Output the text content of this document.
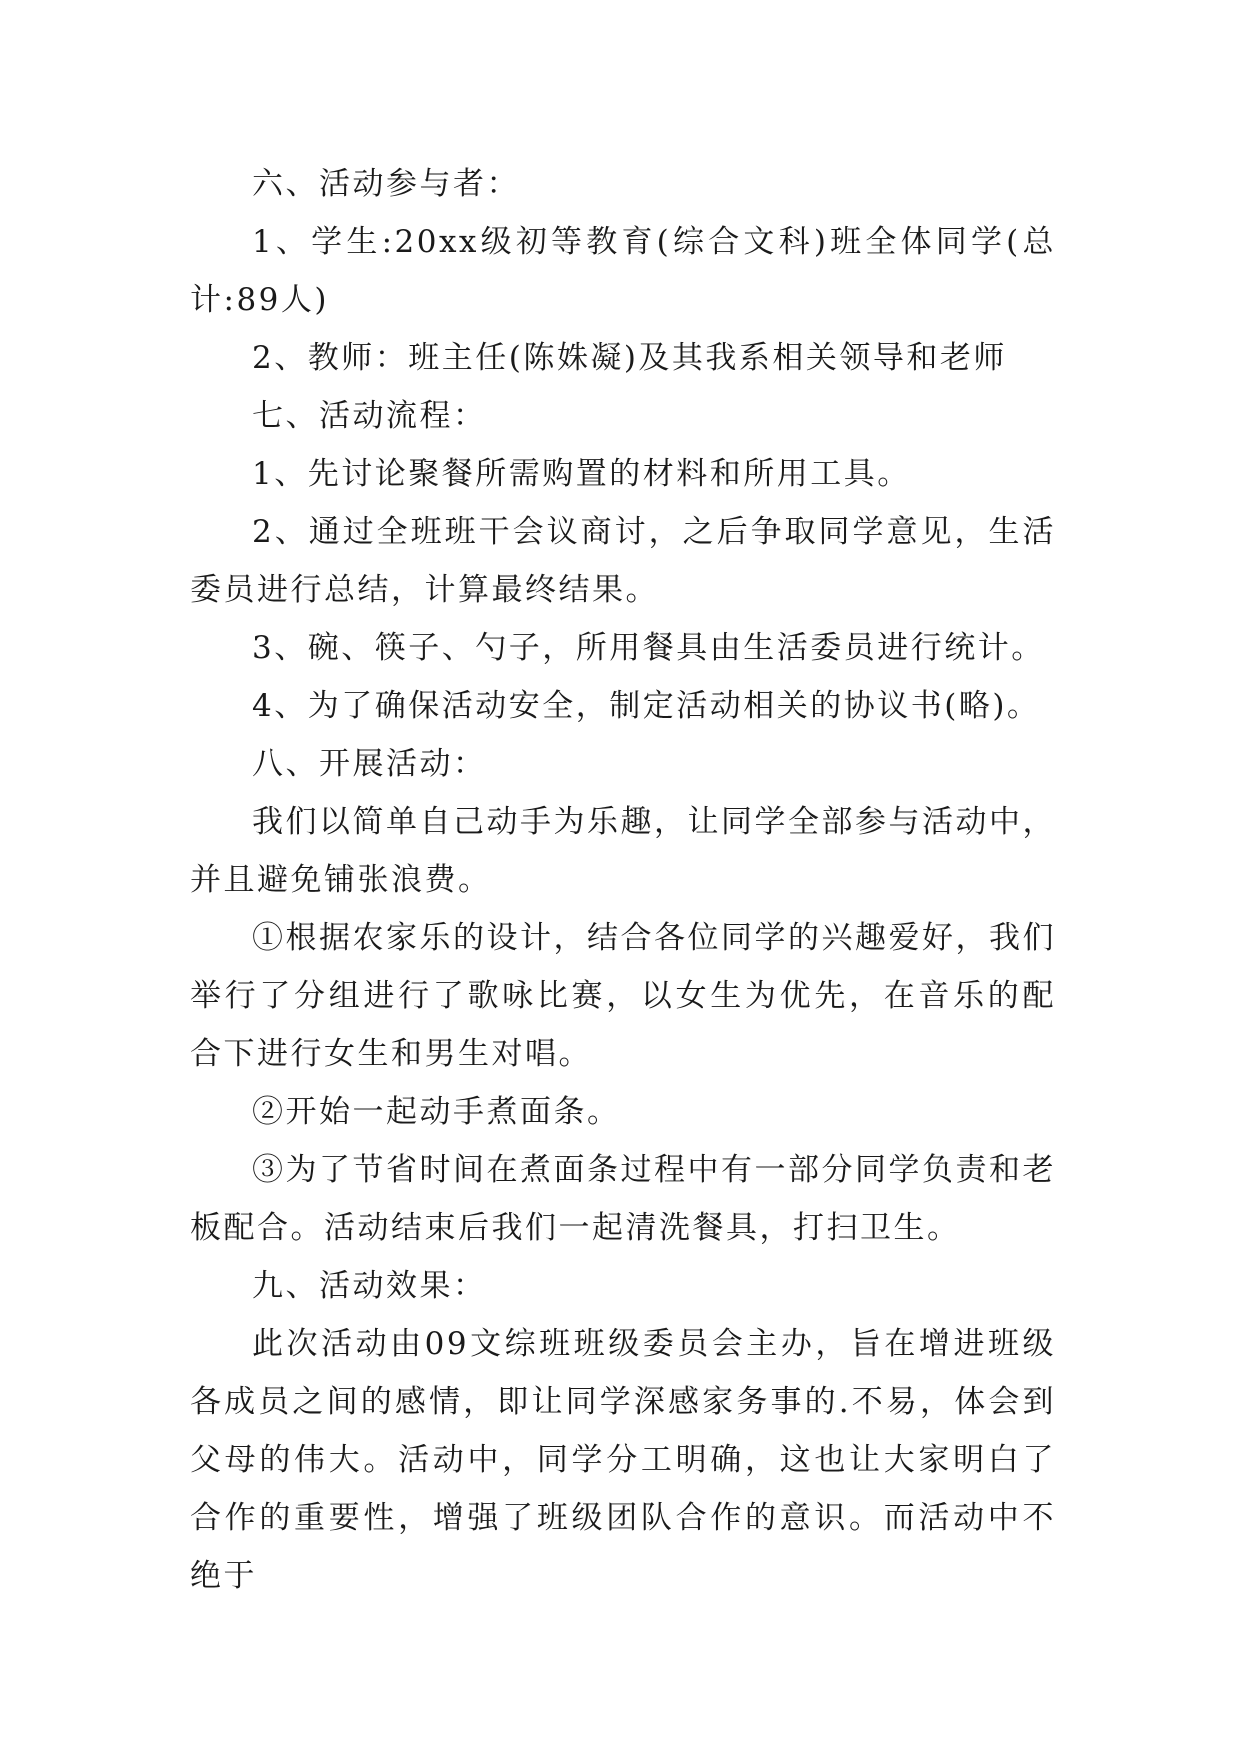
六、活动参与者：

1、学生:20xx级初等教育(综合文科)班全体同学(总计:89人)

2、教师：班主任(陈姝凝)及其我系相关领导和老师

七、活动流程：

1、先讨论聚餐所需购置的材料和所用工具。

2、通过全班班干会议商讨，之后争取同学意见，生活委员进行总结，计算最终结果。

3、碗、筷子、勺子，所用餐具由生活委员进行统计。

4、为了确保活动安全，制定活动相关的协议书(略)。

八、开展活动：

我们以简单自己动手为乐趣，让同学全部参与活动中，并且避免铺张浪费。

①根据农家乐的设计，结合各位同学的兴趣爱好，我们举行了分组进行了歌咏比赛，以女生为优先，在音乐的配合下进行女生和男生对唱。

②开始一起动手煮面条。

③为了节省时间在煮面条过程中有一部分同学负责和老板配合。活动结束后我们一起清洗餐具，打扫卫生。

九、活动效果：

此次活动由09文综班班级委员会主办，旨在增进班级各成员之间的感情，即让同学深感家务事的.不易，体会到父母的伟大。活动中，同学分工明确，这也让大家明白了合作的重要性，增强了班级团队合作的意识。而活动中不绝于
